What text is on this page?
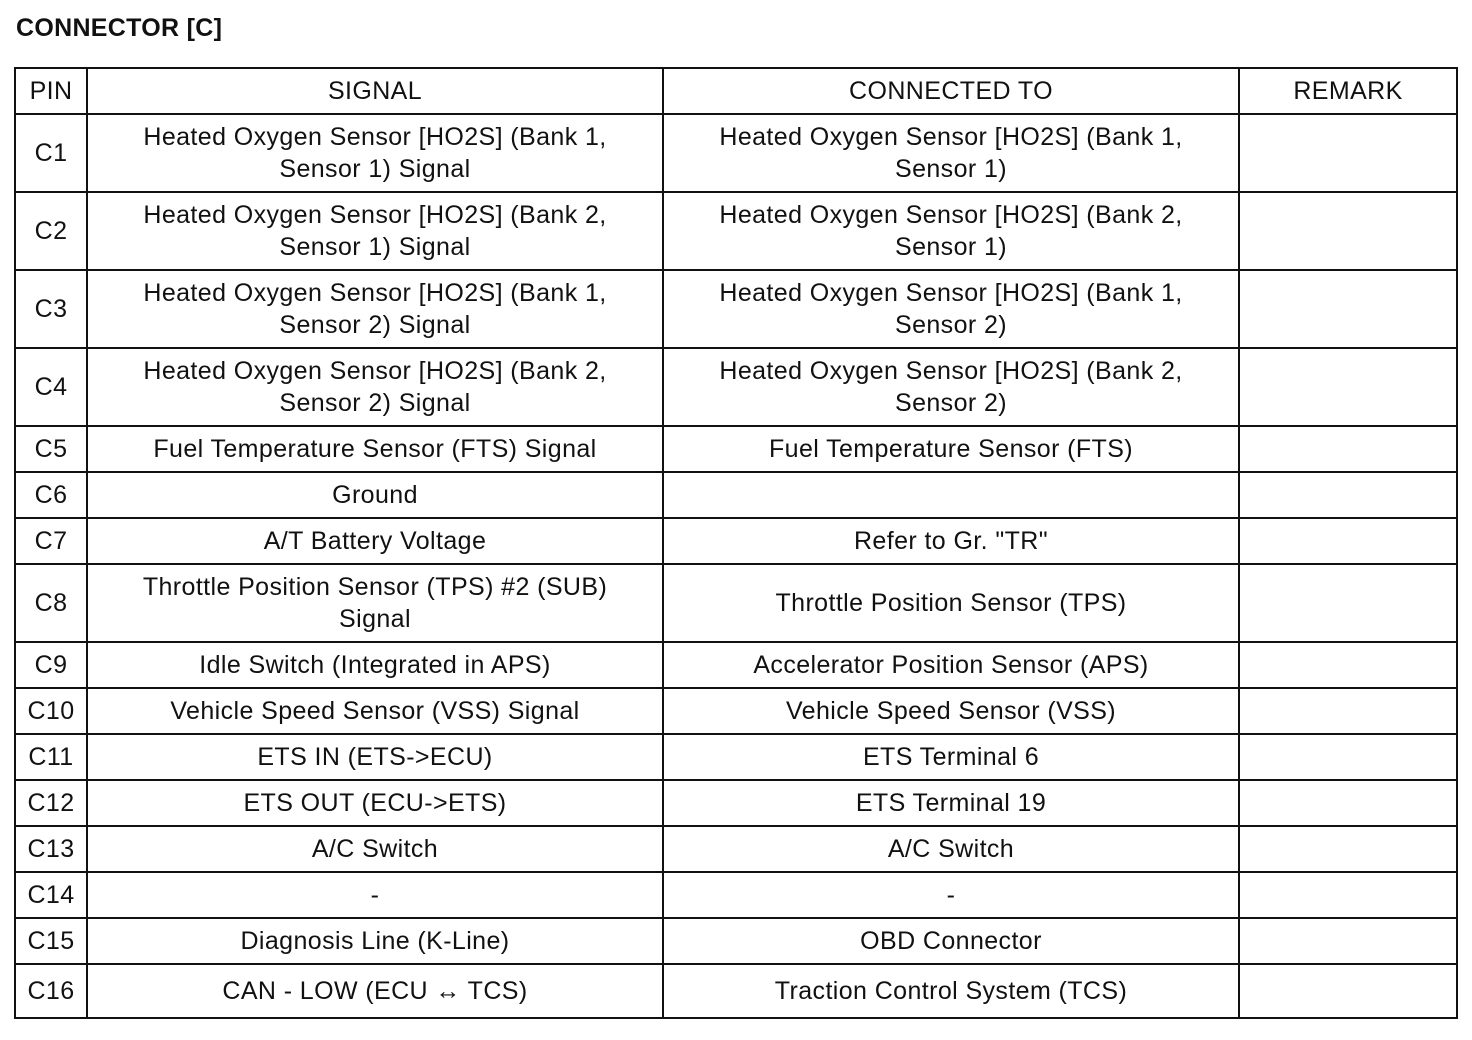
CONNECTOR [C]
PIN	SIGNAL	CONNECTED TO	REMARK
C1	Heated Oxygen Sensor [HO2S] (Bank 1, Sensor 1) Signal	Heated Oxygen Sensor [HO2S] (Bank 1, Sensor 1)	
C2	Heated Oxygen Sensor [HO2S] (Bank 2, Sensor 1) Signal	Heated Oxygen Sensor [HO2S] (Bank 2, Sensor 1)	
C3	Heated Oxygen Sensor [HO2S] (Bank 1, Sensor 2) Signal	Heated Oxygen Sensor [HO2S] (Bank 1, Sensor 2)	
C4	Heated Oxygen Sensor [HO2S] (Bank 2, Sensor 2) Signal	Heated Oxygen Sensor [HO2S] (Bank 2, Sensor 2)	
C5	Fuel Temperature Sensor (FTS) Signal	Fuel Temperature Sensor (FTS)	
C6	Ground		
C7	A/T Battery Voltage	Refer to Gr. "TR"	
C8	Throttle Position Sensor (TPS) #2 (SUB) Signal	Throttle Position Sensor (TPS)	
C9	Idle Switch (Integrated in APS)	Accelerator Position Sensor (APS)	
C10	Vehicle Speed Sensor (VSS) Signal	Vehicle Speed Sensor (VSS)	
C11	ETS IN (ETS->ECU)	ETS Terminal 6	
C12	ETS OUT (ECU->ETS)	ETS Terminal 19	
C13	A/C Switch	A/C Switch	
C14	-	-	
C15	Diagnosis Line (K-Line)	OBD Connector	
C16	CAN - LOW (ECU ↔ TCS)	Traction Control System (TCS)	
